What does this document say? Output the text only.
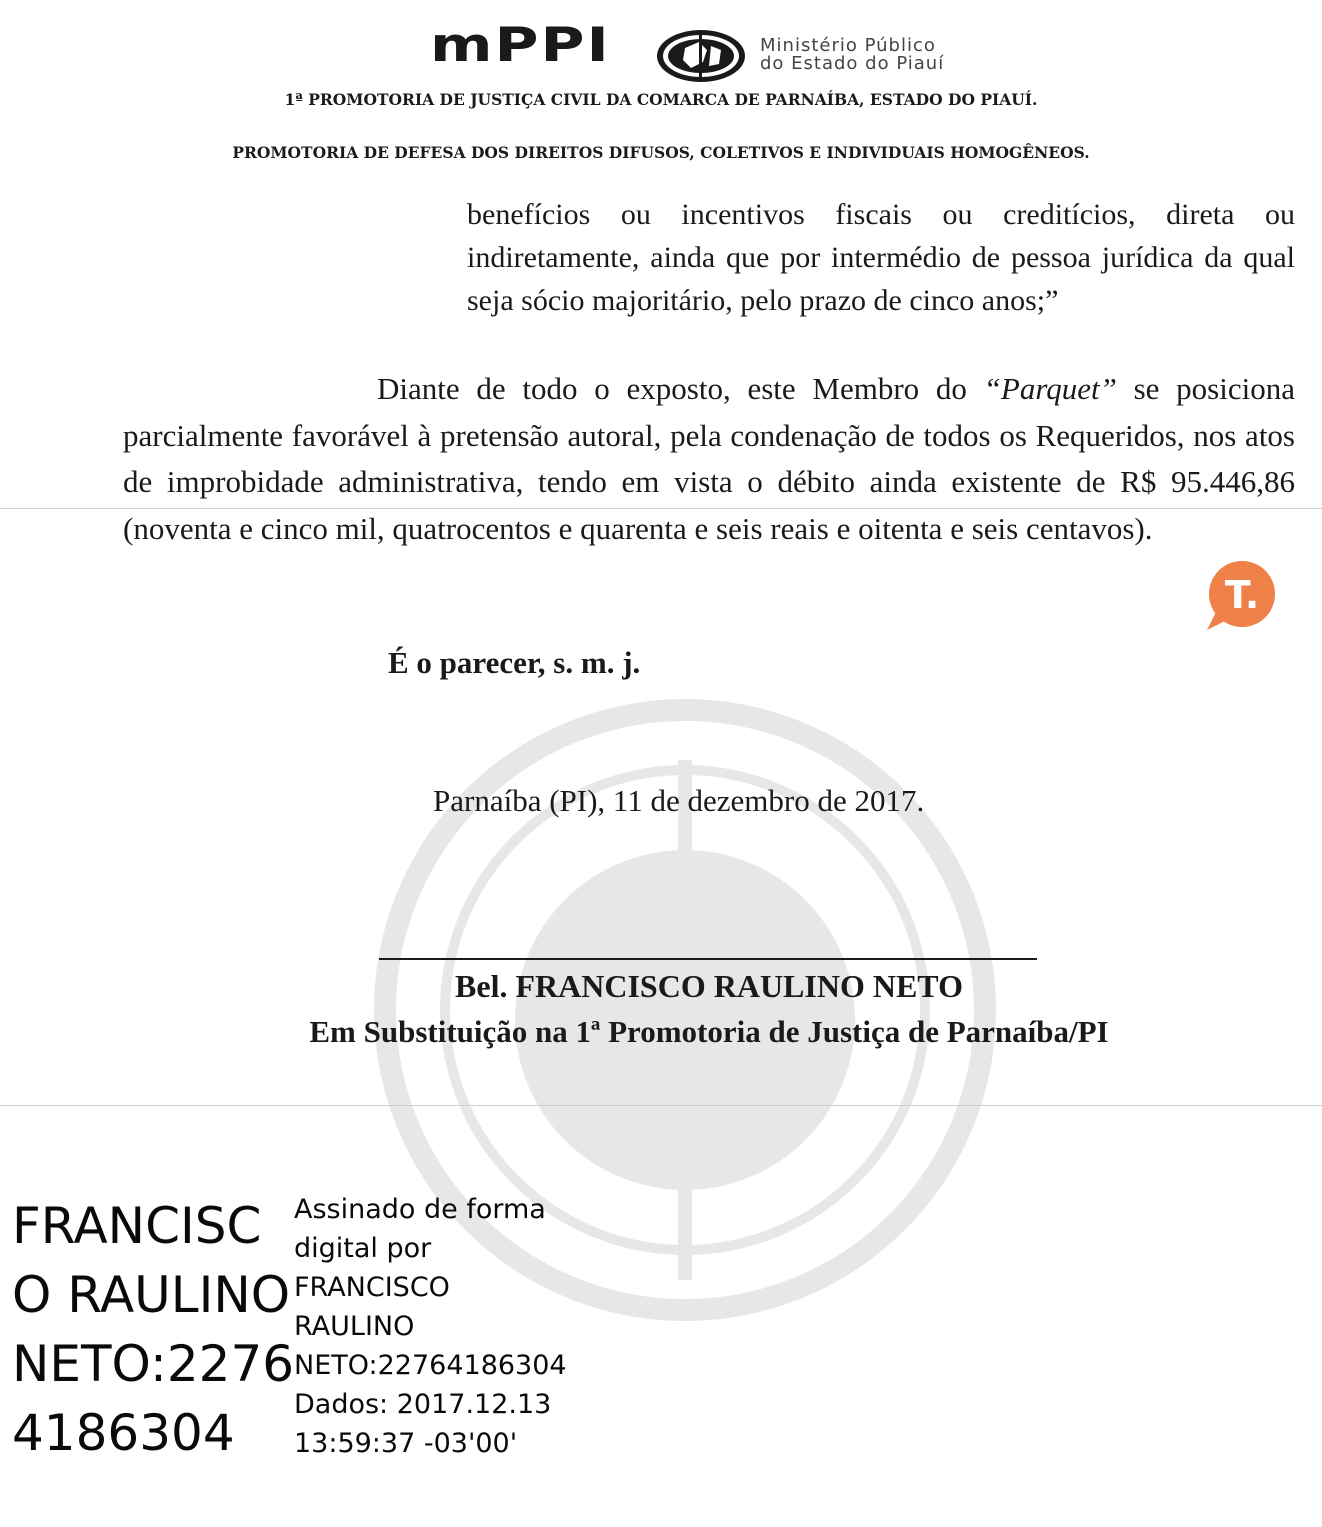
mPPI	Ministério Público
do Estado do Piauí
1ª PROMOTORIA DE JUSTIÇA CIVIL DA COMARCA DE PARNAÍBA, ESTADO DO PIAUÍ.
PROMOTORIA DE DEFESA DOS DIREITOS DIFUSOS, COLETIVOS E INDIVIDUAIS HOMOGÊNEOS.
benefícios ou incentivos fiscais ou creditícios, direta ou indiretamente, ainda que por intermédio de pessoa jurídica da qual seja sócio majoritário, pelo prazo de cinco anos;”
Diante de todo o exposto, este Membro do “Parquet” se posiciona parcialmente favorável à pretensão autoral, pela condenação de todos os Requeridos, nos atos de improbidade administrativa, tendo em vista o débito ainda existente de R$ 95.446,86 (noventa e cinco mil, quatrocentos e quarenta e seis reais e oitenta e seis centavos).
T.
É o parecer, s. m. j.
Parnaíba (PI), 11 de dezembro de 2017.
Bel. FRANCISCO RAULINO NETO
Em Substituição na 1ª Promotoria de Justiça de Parnaíba/PI
FRANCISC
O RAULINO
NETO:2276
4186304
Assinado de forma
digital por
FRANCISCO
RAULINO
NETO:22764186304
Dados: 2017.12.13
13:59:37 -03'00'
